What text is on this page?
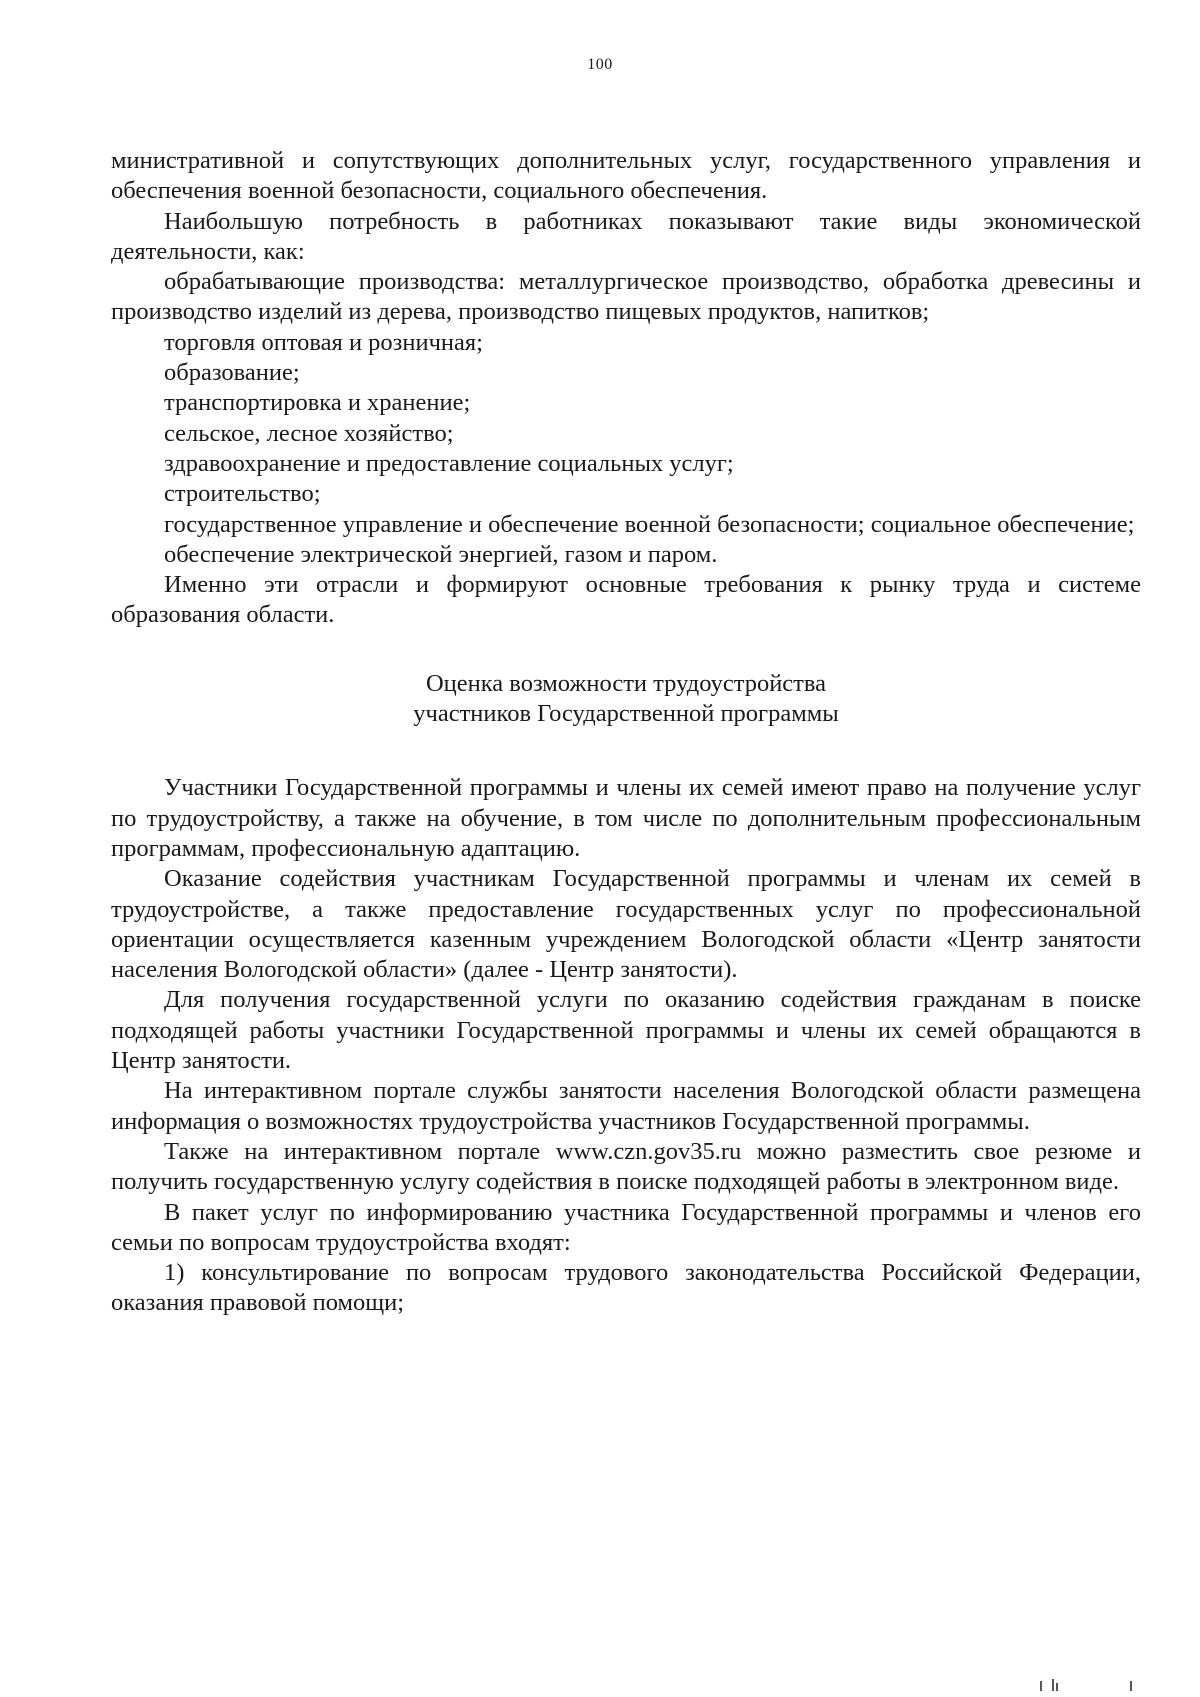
100

министративной и сопутствующих дополнительных услуг, государственного управления и обеспечения военной безопасности, социального обеспечения.

Наибольшую потребность в работниках показывают такие виды экономической деятельности, как:

обрабатывающие производства: металлургическое производство, обработка древесины и производство изделий из дерева, производство пищевых продуктов, напитков;

торговля оптовая и розничная;

образование;

транспортировка и хранение;

сельское, лесное хозяйство;

здравоохранение и предоставление социальных услуг;

строительство;

государственное управление и обеспечение военной безопасности; социальное обеспечение;

обеспечение электрической энергией, газом и паром.

Именно эти отрасли и формируют основные требования к рынку труда и системе образования области.

Оценка возможности трудоустройства

участников Государственной программы

Участники Государственной программы и члены их семей имеют право на получение услуг по трудоустройству, а также на обучение, в том числе по дополнительным профессиональным программам, профессиональную адаптацию.

Оказание содействия участникам Государственной программы и членам их семей в трудоустройстве, а также предоставление государственных услуг по профессиональной ориентации осуществляется казенным учреждением Вологодской области «Центр занятости населения Вологодской области» (далее - Центр занятости).

Для получения государственной услуги по оказанию содействия гражданам в поиске подходящей работы участники Государственной программы и члены их семей обращаются в Центр занятости.

На интерактивном портале службы занятости населения Вологодской области размещена информация о возможностях трудоустройства участников Государственной программы.

Также на интерактивном портале www.czn.gov35.ru можно разместить свое резюме и получить государственную услугу содействия в поиске подходящей работы в электронном виде.

В пакет услуг по информированию участника Государственной программы и членов его семьи по вопросам трудоустройства входят:

1) консультирование по вопросам трудового законодательства Российской Федерации, оказания правовой помощи;
